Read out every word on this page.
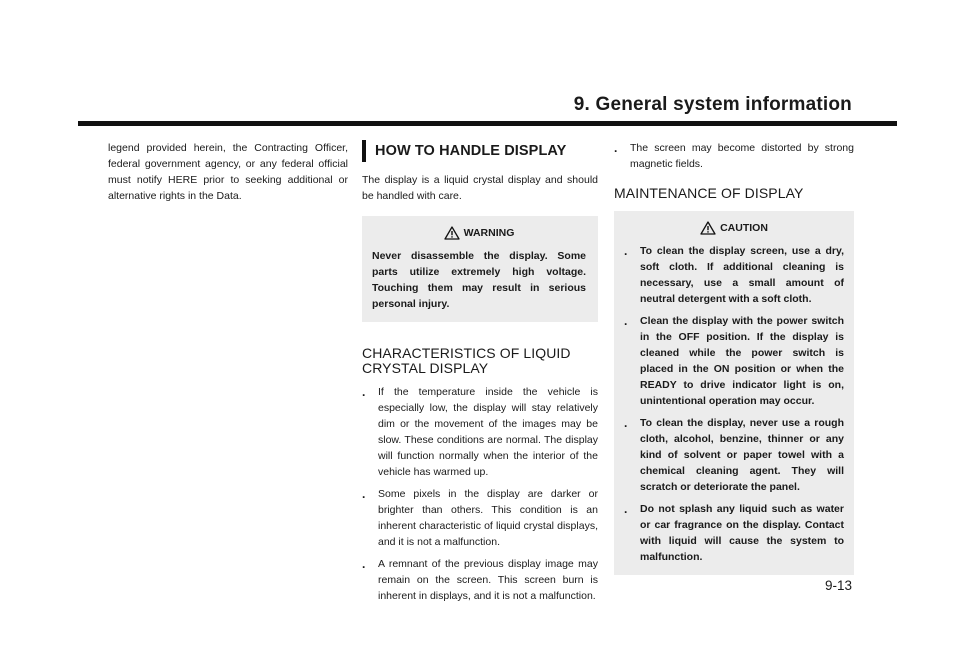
9. General system information

legend provided herein, the Contracting Officer, federal government agency, or any federal official must notify HERE prior to seeking additional or alternative rights in the Data.

HOW TO HANDLE DISPLAY

The display is a liquid crystal display and should be handled with care.

WARNING

Never disassemble the display. Some parts utilize extremely high voltage. Touching them may result in serious personal injury.

CHARACTERISTICS OF LIQUID
CRYSTAL DISPLAY
.	If the temperature inside the vehicle is especially low, the display will stay relatively dim or the movement of the images may be slow. These conditions are normal. The display will function normally when the interior of the vehicle has warmed up.

.	Some pixels in the display are darker or brighter than others. This condition is an inherent characteristic of liquid crystal displays, and it is not a malfunction.

.	A remnant of the previous display image may remain on the screen. This screen burn is inherent in displays, and it is not a malfunction.

.	The screen may become distorted by strong magnetic fields.

MAINTENANCE OF DISPLAY
CAUTION
.	To clean the display screen, use a dry, soft cloth. If additional cleaning is necessary, use a small amount of neutral detergent with a soft cloth.

.	Clean the display with the power switch in the OFF position. If the display is cleaned while the power switch is placed in the ON position or when the READY to drive indicator light is on, unintentional operation may occur.

.	To clean the display, never use a rough cloth, alcohol, benzine, thinner or any kind of solvent or paper towel with a chemical cleaning agent. They will scratch or deteriorate the panel.

.	Do not splash any liquid such as water or car fragrance on the display. Contact with liquid will cause the system to malfunction.

9-13
